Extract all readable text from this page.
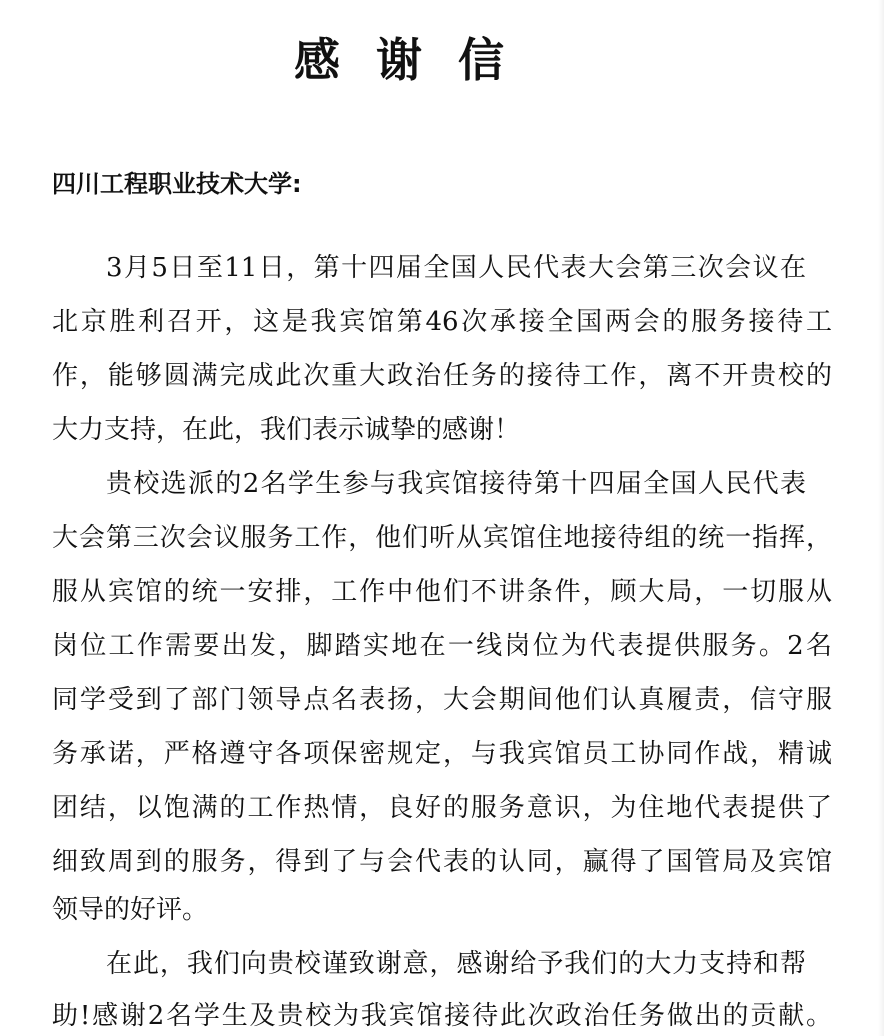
感 谢 信
四川工程职业技术大学:
3月5日至11日，第十四届全国人民代表大会第三次会议在
北京胜利召开，这是我宾馆第46次承接全国两会的服务接待工
作，能够圆满完成此次重大政治任务的接待工作，离不开贵校的
大力支持，在此，我们表示诚挚的感谢！
贵校选派的2名学生参与我宾馆接待第十四届全国人民代表
大会第三次会议服务工作，他们听从宾馆住地接待组的统一指挥，
服从宾馆的统一安排，工作中他们不讲条件，顾大局，一切服从
岗位工作需要出发，脚踏实地在一线岗位为代表提供服务。2名
同学受到了部门领导点名表扬，大会期间他们认真履责，信守服
务承诺，严格遵守各项保密规定，与我宾馆员工协同作战，精诚
团结，以饱满的工作热情，良好的服务意识，为住地代表提供了
细致周到的服务，得到了与会代表的认同，赢得了国管局及宾馆
领导的好评。
在此，我们向贵校谨致谢意，感谢给予我们的大力支持和帮
助!感谢2名学生及贵校为我宾馆接待此次政治任务做出的贡献。
